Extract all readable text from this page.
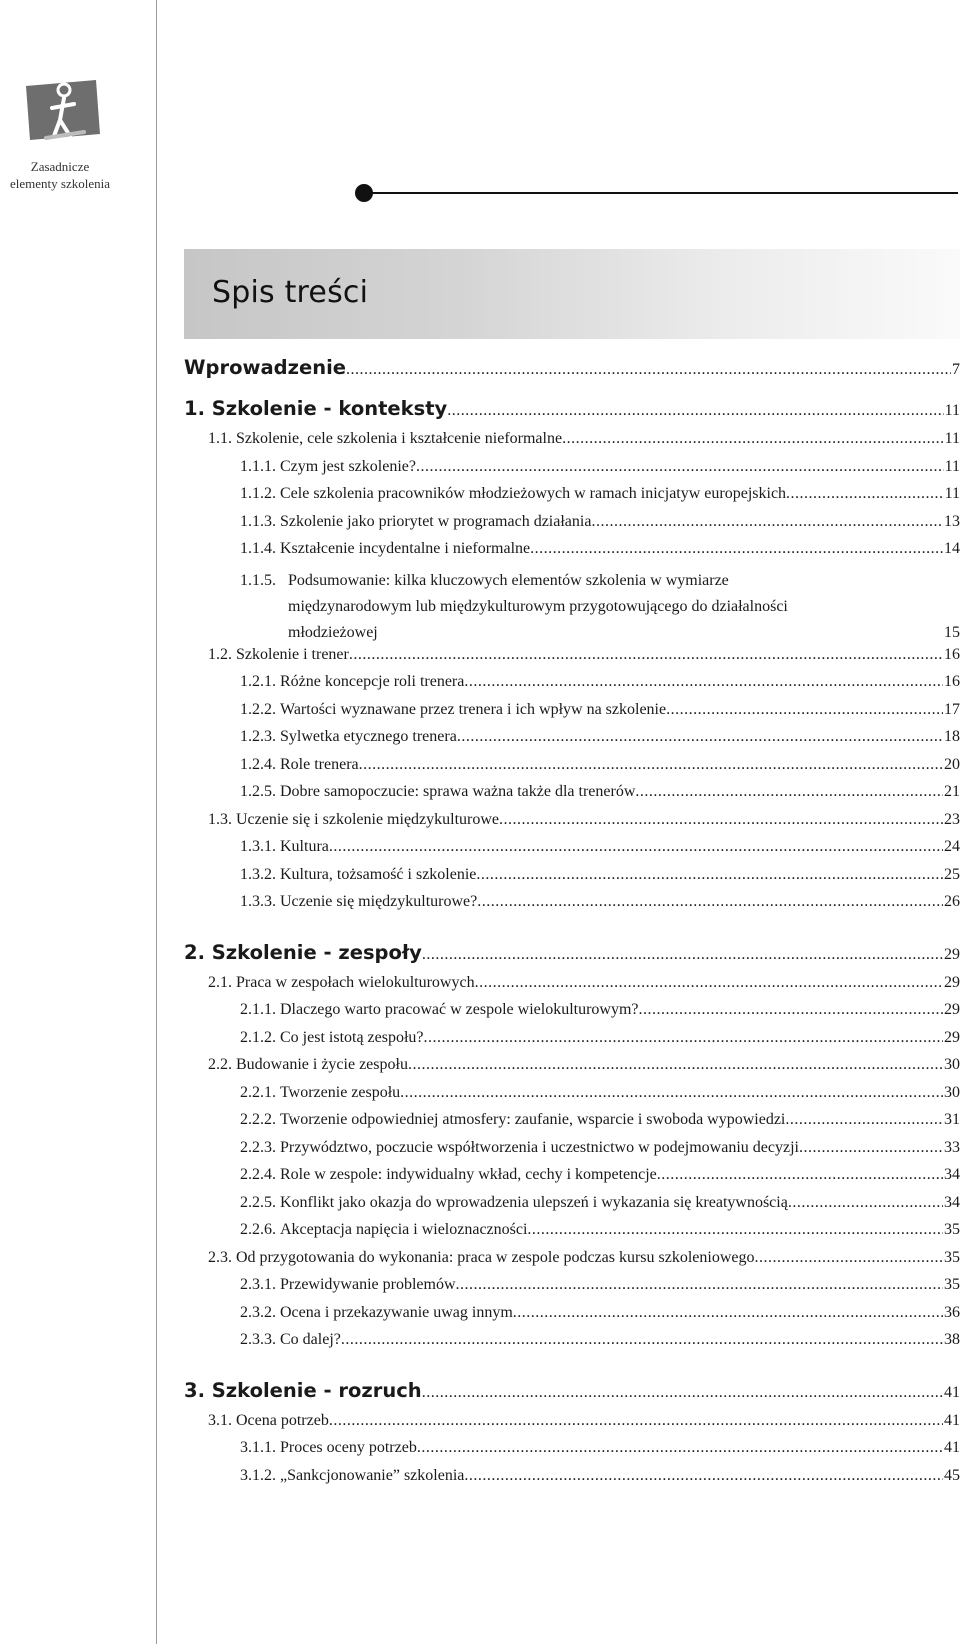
Zasadnicze
elementy szkolenia
Spis treści
Wprowadzenie .....	7
1. Szkolenie - konteksty .....	11
1.1. Szkolenie, cele szkolenia i kształcenie nieformalne .....	11
1.1.1. Czym jest szkolenie? .....	11
1.1.2. Cele szkolenia pracowników młodzieżowych w ramach inicjatyw europejskich .....	11
1.1.3. Szkolenie jako priorytet w programach działania .....	13
1.1.4. Kształcenie incydentalne i nieformalne .....	14
1.1.5. Podsumowanie: kilka kluczowych elementów szkolenia w wymiarze
międzynarodowym lub międzykulturowym przygotowującego do działalności
młodzieżowej	15
1.2. Szkolenie i trener .....	16
1.2.1. Różne koncepcje roli trenera .....	16
1.2.2. Wartości wyznawane przez trenera i ich wpływ na szkolenie .....	17
1.2.3. Sylwetka etycznego trenera .....	18
1.2.4. Role trenera .....	20
1.2.5. Dobre samopoczucie: sprawa ważna także dla trenerów .....	21
1.3. Uczenie się i szkolenie międzykulturowe .....	23
1.3.1. Kultura .....	24
1.3.2. Kultura, tożsamość i szkolenie .....	25
1.3.3. Uczenie się międzykulturowe? .....	26
2. Szkolenie - zespoły .....	29
2.1. Praca w zespołach wielokulturowych .....	29
2.1.1. Dlaczego warto pracować w zespole wielokulturowym? .....	29
2.1.2. Co jest istotą zespołu? .....	29
2.2. Budowanie i życie zespołu .....	30
2.2.1. Tworzenie zespołu .....	30
2.2.2. Tworzenie odpowiedniej atmosfery: zaufanie, wsparcie i swoboda wypowiedzi .....	31
2.2.3. Przywództwo, poczucie współtworzenia i uczestnictwo w podejmowaniu decyzji .....	33
2.2.4. Role w zespole: indywidualny wkład, cechy i kompetencje .....	34
2.2.5. Konflikt jako okazja do wprowadzenia ulepszeń i wykazania się kreatywnością .....	34
2.2.6. Akceptacja napięcia i wieloznaczności .....	35
2.3. Od przygotowania do wykonania: praca w zespole podczas kursu szkoleniowego .....	35
2.3.1. Przewidywanie problemów .....	35
2.3.2. Ocena i przekazywanie uwag innym .....	36
2.3.3. Co dalej? .....	38
3. Szkolenie - rozruch .....	41
3.1. Ocena potrzeb .....	41
3.1.1. Proces oceny potrzeb .....	41
3.1.2. „Sankcjonowanie” szkolenia .....	45
